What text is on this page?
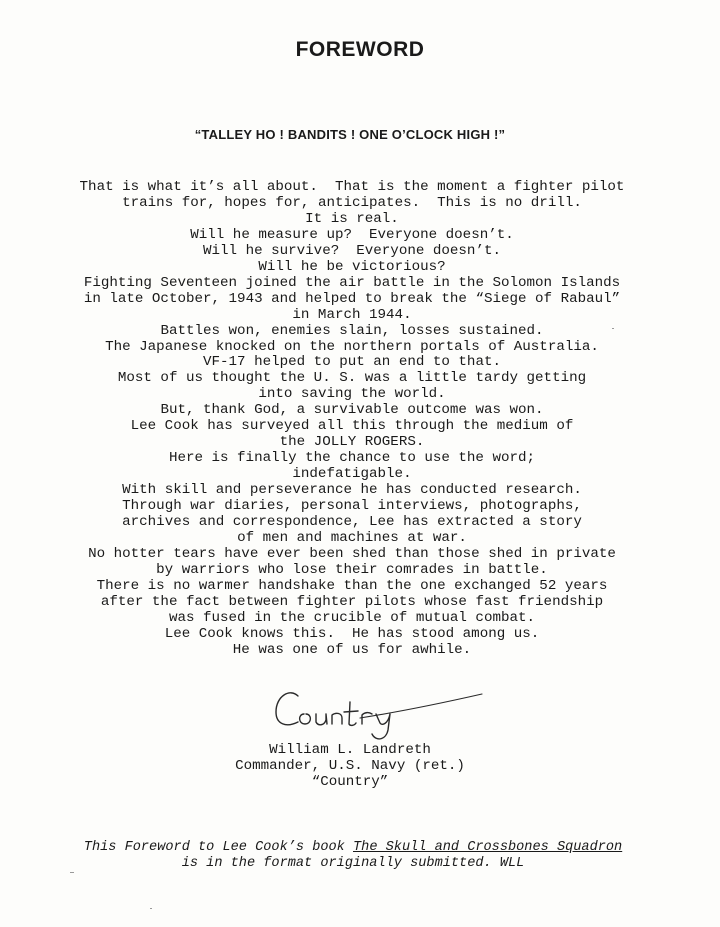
FOREWORD
“TALLEY HO ! BANDITS ! ONE O’CLOCK HIGH !”
That is what it’s all about.  That is the moment a fighter pilot
trains for, hopes for, anticipates.  This is no drill.
It is real.
Will he measure up?  Everyone doesn’t.
Will he survive?  Everyone doesn’t.
Will he be victorious?
Fighting Seventeen joined the air battle in the Solomon Islands
in late October, 1943 and helped to break the “Siege of Rabaul”
in March 1944.
Battles won, enemies slain, losses sustained.
The Japanese knocked on the northern portals of Australia.
VF-17 helped to put an end to that.
Most of us thought the U. S. was a little tardy getting
into saving the world.
But, thank God, a survivable outcome was won.
Lee Cook has surveyed all this through the medium of
the JOLLY ROGERS.
Here is finally the chance to use the word;
indefatigable.
With skill and perseverance he has conducted research.
Through war diaries, personal interviews, photographs,
archives and correspondence, Lee has extracted a story
of men and machines at war.
No hotter tears have ever been shed than those shed in private
by warriors who lose their comrades in battle.
There is no warmer handshake than the one exchanged 52 years
after the fact between fighter pilots whose fast friendship
was fused in the crucible of mutual combat.
Lee Cook knows this.  He has stood among us.
He was one of us for awhile.
William L. Landreth
Commander, U.S. Navy (ret.)
“Country”
This Foreword to Lee Cook’s book The Skull and Crossbones Squadron
is in the format originally submitted. WLL
